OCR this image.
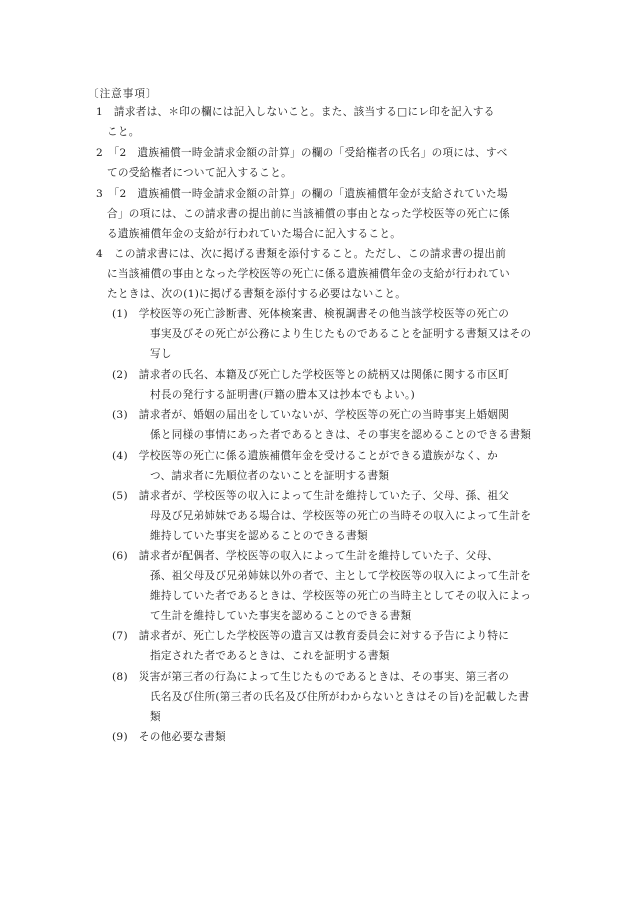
〔注意事項〕
1　請求者は、＊印の欄には記入しないこと。また、該当する□にレ印を記入する
こと。
2　「2　遺族補償一時金請求金額の計算」の欄の「受給権者の氏名」の項には、すべ
ての受給権者について記入すること。
3　「2　遺族補償一時金請求金額の計算」の欄の「遺族補償年金が支給されていた場
合」の項には、この請求書の提出前に当該補償の事由となった学校医等の死亡に係
る遺族補償年金の支給が行われていた場合に記入すること。
4　この請求書には、次に掲げる書類を添付すること。ただし、この請求書の提出前
に当該補償の事由となった学校医等の死亡に係る遺族補償年金の支給が行われてい
たときは、次の(1)に掲げる書類を添付する必要はないこと。
(1)　学校医等の死亡診断書、死体検案書、検視調書その他当該学校医等の死亡の
事実及びその死亡が公務により生じたものであることを証明する書類又はその
写し
(2)　請求者の氏名、本籍及び死亡した学校医等との続柄又は関係に関する市区町
村長の発行する証明書(戸籍の謄本又は抄本でもよい。)
(3)　請求者が、婚姻の届出をしていないが、学校医等の死亡の当時事実上婚姻関
係と同様の事情にあった者であるときは、その事実を認めることのできる書類
(4)　学校医等の死亡に係る遺族補償年金を受けることができる遺族がなく、か
つ、請求者に先順位者のないことを証明する書類
(5)　請求者が、学校医等の収入によって生計を維持していた子、父母、孫、祖父
母及び兄弟姉妹である場合は、学校医等の死亡の当時その収入によって生計を
維持していた事実を認めることのできる書類
(6)　請求者が配偶者、学校医等の収入によって生計を維持していた子、父母、
孫、祖父母及び兄弟姉妹以外の者で、主として学校医等の収入によって生計を
維持していた者であるときは、学校医等の死亡の当時主としてその収入によっ
て生計を維持していた事実を認めることのできる書類
(7)　請求者が、死亡した学校医等の遺言又は教育委員会に対する予告により特に
指定された者であるときは、これを証明する書類
(8)　災害が第三者の行為によって生じたものであるときは、その事実、第三者の
氏名及び住所(第三者の氏名及び住所がわからないときはその旨)を記載した書
類
(9)　その他必要な書類
